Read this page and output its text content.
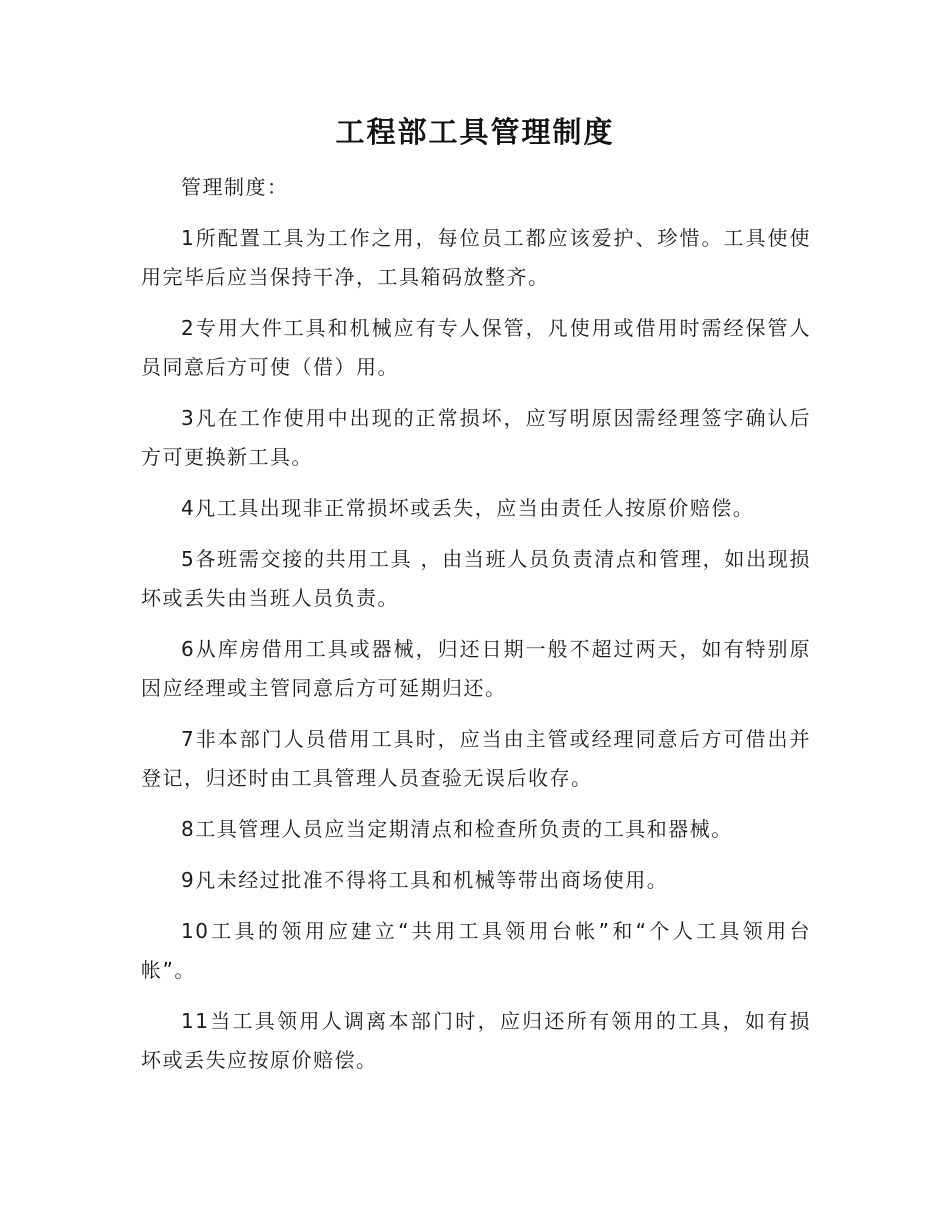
工程部工具管理制度

管理制度：

1所配置工具为工作之用，每位员工都应该爱护、珍惜。工具使使用完毕后应当保持干净，工具箱码放整齐。

2专用大件工具和机械应有专人保管，凡使用或借用时需经保管人员同意后方可使（借）用。

3凡在工作使用中出现的正常损坏，应写明原因需经理签字确认后方可更换新工具。

4凡工具出现非正常损坏或丢失，应当由责任人按原价赔偿。

5各班需交接的共用工具 ，由当班人员负责清点和管理，如出现损坏或丢失由当班人员负责。

6从库房借用工具或器械，归还日期一般不超过两天，如有特别原因应经理或主管同意后方可延期归还。

7非本部门人员借用工具时，应当由主管或经理同意后方可借出并登记，归还时由工具管理人员查验无误后收存。

8工具管理人员应当定期清点和检查所负责的工具和器械。

9凡未经过批准不得将工具和机械等带出商场使用。

10工具的领用应建立“共用工具领用台帐”和“个人工具领用台帐”。

11当工具领用人调离本部门时，应归还所有领用的工具，如有损坏或丢失应按原价赔偿。
